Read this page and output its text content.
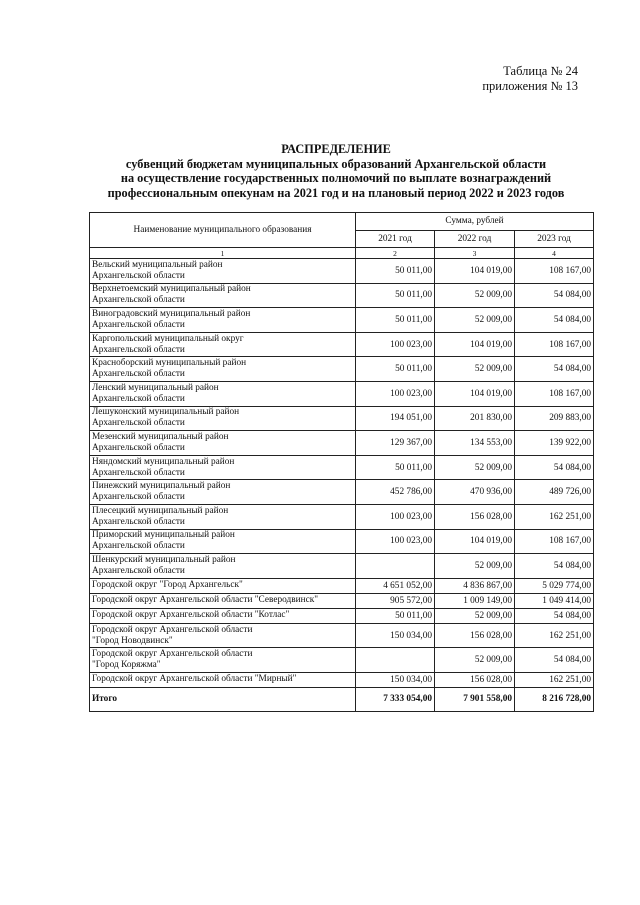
Таблица № 24
приложения № 13
РАСПРЕДЕЛЕНИЕ
субвенций бюджетам муниципальных образований Архангельской области
на осуществление государственных полномочий по выплате вознаграждений
профессиональным опекунам на 2021 год и на плановый период 2022 и 2023 годов
Наименование муниципального образования	Сумма, рублей		
	2021 год	2022 год	2023 год
1	2	3	4

Вельский муниципальный район
Архангельской области	50 011,00	104 019,00	108 167,00

Верхнетоемский муниципальный район
Архангельской области	50 011,00	52 009,00	54 084,00

Виноградовский муниципальный район
Архангельской области	50 011,00	52 009,00	54 084,00

Каргопольский муниципальный округ
Архангельской области	100 023,00	104 019,00	108 167,00

Красноборский муниципальный район
Архангельской области	50 011,00	52 009,00	54 084,00

Ленский муниципальный район
Архангельской области	100 023,00	104 019,00	108 167,00

Лешуконский муниципальный район
Архангельской области	194 051,00	201 830,00	209 883,00

Мезенский муниципальный район
Архангельской области	129 367,00	134 553,00	139 922,00

Няндомский муниципальный район
Архангельской области	50 011,00	52 009,00	54 084,00

Пинежский муниципальный район
Архангельской области	452 786,00	470 936,00	489 726,00

Плесецкий муниципальный район
Архангельской области	100 023,00	156 028,00	162 251,00

Приморский муниципальный район
Архангельской области	100 023,00	104 019,00	108 167,00

Шенкурский муниципальный район
Архангельской области		52 009,00	54 084,00

Городской округ "Город Архангельск"	4 651 052,00	4 836 867,00	5 029 774,00

Городской округ Архангельской области "Северодвинск"	905 572,00	1 009 149,00	1 049 414,00

Городской округ Архангельской области "Котлас"	50 011,00	52 009,00	54 084,00

Городской округ Архангельской области
"Город Новодвинск"	150 034,00	156 028,00	162 251,00

Городской округ Архангельской области
"Город Коряжма"		52 009,00	54 084,00

Городской округ Архангельской области "Мирный"	150 034,00	156 028,00	162 251,00
Итого	7 333 054,00	7 901 558,00	8 216 728,00
